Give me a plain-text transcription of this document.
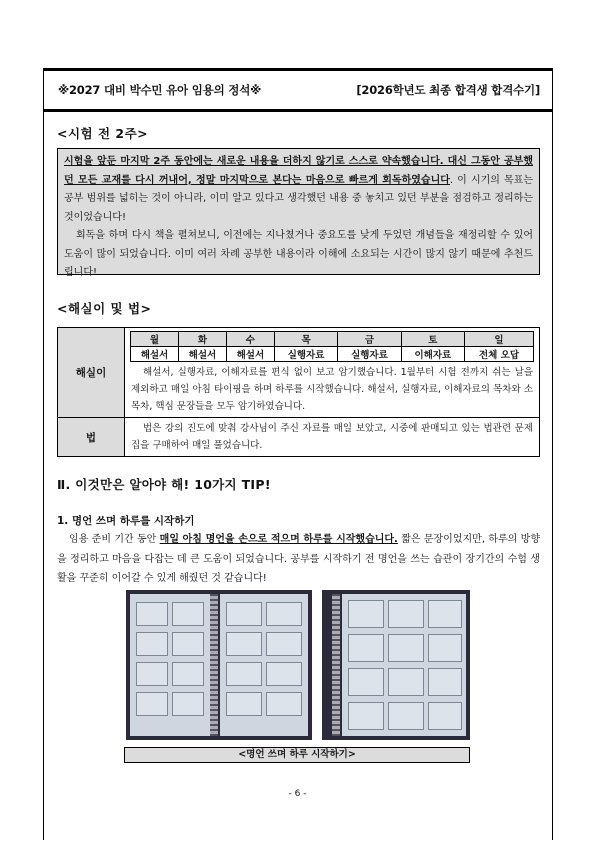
※2027 대비 박수민 유아 임용의 정석※	[2026학년도 최종 합격생 합격수기]
<시험 전 2주>

시험을 앞둔 마지막 2주 동안에는 새로운 내용을 더하지 않기로 스스로 약속했습니다. 대신 그동안 공부했던 모든 교재를 다시 꺼내어, 정말 마지막으로 본다는 마음으로 빠르게 회독하였습니다. 이 시기의 목표는 공부 범위를 넓히는 것이 아니라, 이미 알고 있다고 생각했던 내용 중 놓치고 있던 부분을 점검하고 정리하는 것이었습니다!

회독을 하며 다시 책을 펼쳐보니, 이전에는 지나쳤거나 중요도를 낮게 두었던 개념들을 재정리할 수 있어 도움이 많이 되었습니다. 이미 여러 차례 공부한 내용이라 이해에 소요되는 시간이 많지 않기 때문에 추천드립니다!

<해실이 및 법>
해실이	
월	화	수	목	금	토	일
해설서	해설서	해설서	실행자료	실행자료	이해자료	전체 오답

해설서, 실행자료, 이해자료를 편식 없이 보고 암기했습니다. 1월부터 시험 전까지 쉬는 날을 제외하고 매일 아침 타이핑을 하며 하루를 시작했습니다. 해설서, 실행자료, 이해자료의 목차와 소목차, 핵심 문장들을 모두 암기하였습니다.
법	법은 강의 진도에 맞춰 강사님이 주신 자료를 매일 보았고, 시중에 판매되고 있는 법관련 문제집을 구매하여 매일 풀었습니다.
Ⅱ. 이것만은 알아야 해! 10가지 TIP!
1. 명언 쓰며 하루를 시작하기
임용 준비 기간 동안 매일 아침 명언을 손으로 적으며 하루를 시작했습니다. 짧은 문장이었지만, 하루의 방향을 정리하고 마음을 다잡는 데 큰 도움이 되었습니다. 공부를 시작하기 전 명언을 쓰는 습관이 장기간의 수험 생활을 꾸준히 이어갈 수 있게 해줬던 것 같습니다!
<명언 쓰며 하루 시작하기>
- 6 -
